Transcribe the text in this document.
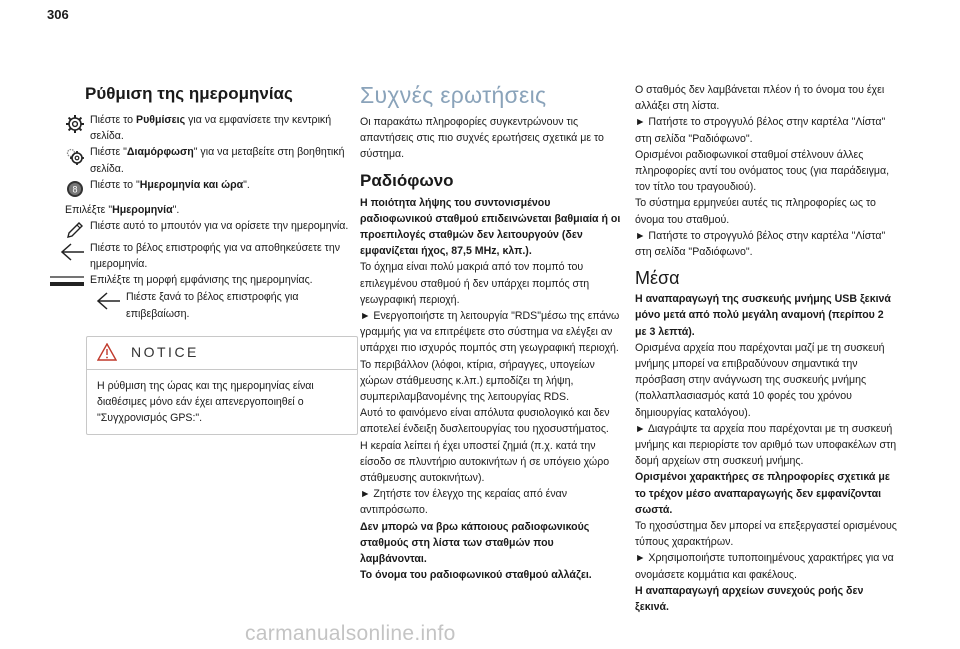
306
Ρύθμιση της ημερομηνίας

Πιέστε το Ρυθμίσεις για να εμφανίσετε την κεντρική σελίδα.

Πιέστε "Διαμόρφωση" για να μεταβείτε στη βοηθητική σελίδα.

8 Πιέστε το "Ημερομηνία και ώρα".

Επιλέξτε "Ημερομηνία".

Πιέστε αυτό το μπουτόν για να ορίσετε την ημερομηνία.

Πιέστε το βέλος επιστροφής για να αποθηκεύσετε την ημερομηνία.

Επιλέξτε τη μορφή εμφάνισης της ημερομηνίας.

Πιέστε ξανά το βέλος επιστροφής για επιβεβαίωση.

NOTICE

Η ρύθμιση της ώρας και της ημερομηνίας είναι διαθέσιμες μόνο εάν έχει απενεργοποιηθεί ο "Συγχρονισμός GPS:".

Συχνές ερωτήσεις

Οι παρακάτω πληροφορίες συγκεντρώνουν τις απαντήσεις στις πιο συχνές ερωτήσεις σχετικά με το σύστημα.

Ραδιόφωνο

Η ποιότητα λήψης του συντονισμένου ραδιοφωνικού σταθμού επιδεινώνεται βαθμιαία ή οι προεπιλογές σταθμών δεν λειτουργούν (δεν εμφανίζεται ήχος, 87,5 MHz, κλπ.).

Το όχημα είναι πολύ μακριά από τον πομπό του επιλεγμένου σταθμού ή δεν υπάρχει πομπός στη γεωγραφική περιοχή.

► Ενεργοποιήστε τη λειτουργία "RDS"μέσω της επάνω γραμμής για να επιτρέψετε στο σύστημα να ελέγξει αν υπάρχει πιο ισχυρός πομπός στη γεωγραφική περιοχή.

Το περιβάλλον (λόφοι, κτίρια, σήραγγες, υπογείων χώρων στάθμευσης κ.λπ.) εμποδίζει τη λήψη, συμπεριλαμβανομένης της λειτουργίας RDS.

Αυτό το φαινόμενο είναι απόλυτα φυσιολογικό και δεν αποτελεί ένδειξη δυσλειτουργίας του ηχοσυστήματος.

Η κεραία λείπει ή έχει υποστεί ζημιά (π.χ. κατά την είσοδο σε πλυντήριο αυτοκινήτων ή σε υπόγειο χώρο στάθμευσης αυτοκινήτων).

► Ζητήστε τον έλεγχο της κεραίας από έναν αντιπρόσωπο.

Δεν μπορώ να βρω κάποιους ραδιοφωνικούς σταθμούς στη λίστα των σταθμών που λαμβάνονται.

Το όνομα του ραδιοφωνικού σταθμού αλλάζει.

Ο σταθμός δεν λαμβάνεται πλέον ή το όνομα του έχει αλλάξει στη λίστα.

► Πατήστε το στρογγυλό βέλος στην καρτέλα "Λίστα" στη σελίδα "Ραδιόφωνο".

Ορισμένοι ραδιοφωνικοί σταθμοί στέλνουν άλλες πληροφορίες αντί του ονόματος τους (για παράδειγμα, τον τίτλο του τραγουδιού).

Το σύστημα ερμηνεύει αυτές τις πληροφορίες ως το όνομα του σταθμού.

► Πατήστε το στρογγυλό βέλος στην καρτέλα "Λίστα" στη σελίδα "Ραδιόφωνο".

Μέσα

Η αναπαραγωγή της συσκευής μνήμης USB ξεκινά μόνο μετά από πολύ μεγάλη αναμονή (περίπου 2 με 3 λεπτά).

Ορισμένα αρχεία που παρέχονται μαζί με τη συσκευή μνήμης μπορεί να επιβραδύνουν σημαντικά την πρόσβαση στην ανάγνωση της συσκευής μνήμης (πολλαπλασιασμός κατά 10 φορές του χρόνου δημιουργίας καταλόγου).

► Διαγράψτε τα αρχεία που παρέχονται με τη συσκευή μνήμης και περιορίστε τον αριθμό των υποφακέλων στη δομή αρχείων στη συσκευή μνήμης.

Ορισμένοι χαρακτήρες σε πληροφορίες σχετικά με το τρέχον μέσο αναπαραγωγής δεν εμφανίζονται σωστά.

Το ηχοσύστημα δεν μπορεί να επεξεργαστεί ορισμένους τύπους χαρακτήρων.

► Χρησιμοποιήστε τυποποιημένους χαρακτήρες για να ονομάσετε κομμάτια και φακέλους.

Η αναπαραγωγή αρχείων συνεχούς ροής δεν ξεκινά.

carmanualsonline.info
